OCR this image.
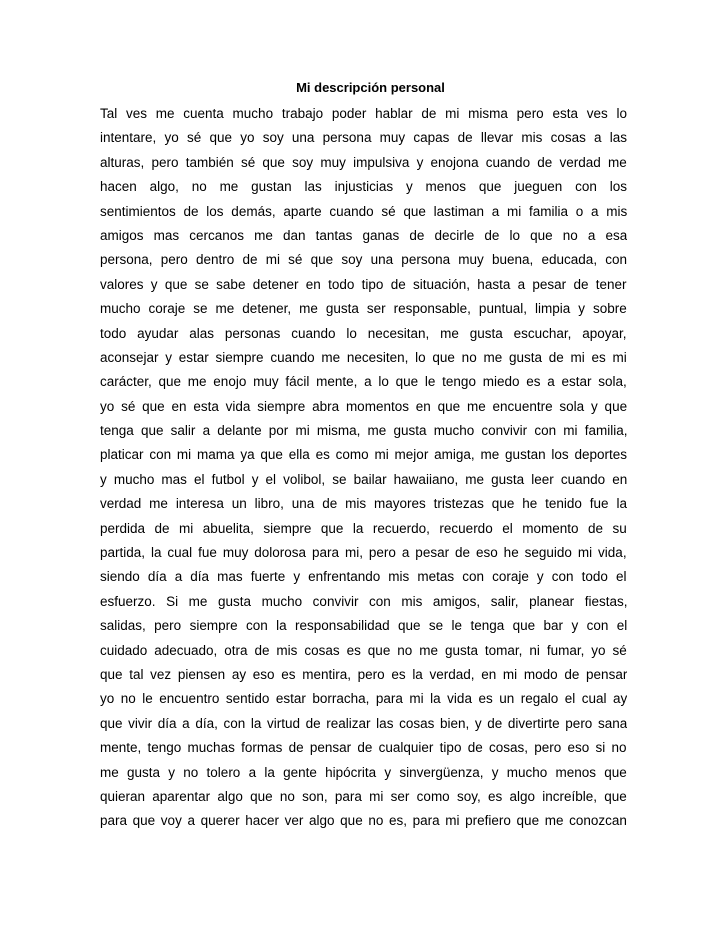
Mi descripción personal
Tal ves me cuenta mucho trabajo poder hablar de mi misma pero esta ves lo
intentare, yo sé que yo soy una persona muy capas de llevar mis cosas a las
alturas, pero también sé que soy muy impulsiva y enojona cuando de verdad me
hacen algo, no me gustan las injusticias y menos que jueguen con los
sentimientos de los demás, aparte cuando sé que lastiman a mi familia o a mis
amigos mas cercanos me dan tantas ganas de decirle de lo que no a esa
persona, pero dentro de mi sé que soy una persona muy buena, educada, con
valores y que se sabe detener en todo tipo de situación, hasta a pesar de tener
mucho coraje se me detener, me gusta ser responsable, puntual, limpia y sobre
todo ayudar alas personas cuando lo necesitan, me gusta escuchar, apoyar,
aconsejar y estar siempre cuando me necesiten, lo que no me gusta de mi es mi
carácter, que me enojo muy fácil mente, a lo que le tengo miedo es a estar sola,
yo sé que en esta vida siempre abra momentos en que me encuentre sola y que
tenga que salir a delante por mi misma, me gusta mucho convivir con mi familia,
platicar con mi mama ya que ella es como mi mejor amiga, me gustan los deportes
y mucho mas el futbol y el volibol, se bailar hawaiiano, me gusta leer cuando en
verdad me interesa un libro, una de mis mayores tristezas que he tenido fue la
perdida de mi abuelita, siempre que la recuerdo, recuerdo el momento de su
partida, la cual fue muy dolorosa para mi, pero a pesar de eso he seguido mi vida,
siendo día a día mas fuerte y enfrentando mis metas con coraje y con todo el
esfuerzo. Si me gusta mucho convivir con mis amigos, salir, planear fiestas,
salidas, pero siempre con la responsabilidad que se le tenga que bar y con el
cuidado adecuado, otra de mis cosas es que no me gusta tomar, ni fumar, yo sé
que tal vez piensen ay eso es mentira, pero es la verdad, en mi modo de pensar
yo no le encuentro sentido estar borracha, para mi la vida es un regalo el cual ay
que vivir día a día, con la virtud de realizar las cosas bien, y de divertirte pero sana
mente, tengo muchas formas de pensar de cualquier tipo de cosas, pero eso si no
me gusta y no tolero a la gente hipócrita y sinvergüenza, y mucho menos que
quieran aparentar algo que no son, para mi ser como soy, es algo increíble, que
para que voy a querer hacer ver algo que no es, para mi prefiero que me conozcan
